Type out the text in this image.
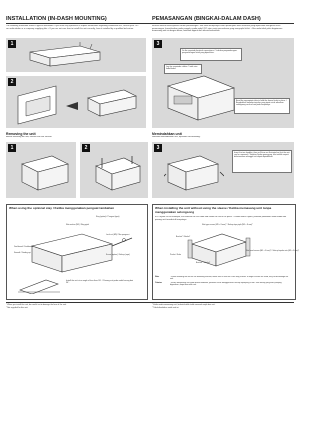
INSTALLATION (IN-DASH MOUNTING)	PEMASANGAN (BINGKAI-DALAM DASH)
The following illustration shows a typical installation. If you have any questions or require information regarding installation kits, consult your JVC car audio dealer or a company supplying kits. • If you are not sure how to install this unit correctly, have it installed by a qualified technician.
Ilustrasi berikut menunjukkan contoh pemasangan. Jika anda mempunyai suatu pertanyaan atau informasi yang diperlukan mengenai kit-kit pemasangan, konsultasikan pada penyalur audio mobil JVC atau suatu perusahaan yang menyuplai kit-kit. • Jika anda tidak yakin bagaimana memasang unit ini dengan benar, mintalah diganti oleh teknisi berkualitas.
1
2
3
Do the required electrical connections. / Lakukan penyambungan-penyambungan listrik yang diperlukan.
Lay the remainder cables / Letak sisa kabel-kabel
Bend the appropriate tabs to hold the sleeve firmly in place. / Bengkokkan tonjolan-tonjolan yang tepat untuk menahan selongsong secara kuat pada tempatnya.
Removing the unit
Before removing the unit, release the rear section.
Memindahkan unit
Sebelum memindahkan unit, lepaskan sisi belakang.
1	2	3
Insert the two handles, then pull them as illustrated so that the unit can be removed. / Sisipkan kedua pemegang, lalu tariklah seperti diilustrasikan sehingga unit dapat dipindahkan.
When using the optional stay / Ketika menggunakan penguat tambahan
Stay (option) / Penguat (opsi)
Flat washer (M5) / Ring pipih
Lock nut (M5) / Mur pengunci
Dashboard / Dashboard
Firewall / Dinding api
Screw (option) / Sekrup (opsi)
Install the unit at an angle of less than 30°. / Pasang unit pada sudut kurang dari 30°.
When installing the unit without using the sleeve / Ketika memasang unit tanpa menggunakan selongsong
In a Toyota car for example, first remove the car radio and install the unit in its place. / Dalam mobil Toyota, pertama pindahkan radio mobil dan pasang unit tersebut di tempatnya.
Flat type screws (M5 × 8 mm)* / Sekrup tipe pipih (M5 × 8 mm)*
Bracket* / Braket*
Pocket / Saku
Flat head screws (M5 × 8 mm)* / Sekrup kepala rata (M5 × 8 mm)*
Bracket* / Braket*
Note	: When installing the unit on the mounting bracket, make sure to use the 8 mm long screws. If longer screws are used, they could damage the unit.
Catatan	: Ketika memasang unit pada braket dudukan, pastikan untuk menggunakan sekrup sepanjang 8 mm. Jika sekrup yang lebih panjang digunakan, dapat merusak unit.
* When you install the unit, be careful not to damage the face of the unit.
* Not supplied for this unit.
* Ketika anda memasang unit, berhati-hatilah tidak merusak wajah dari unit.
* Tidak disediakan untuk unit ini.
